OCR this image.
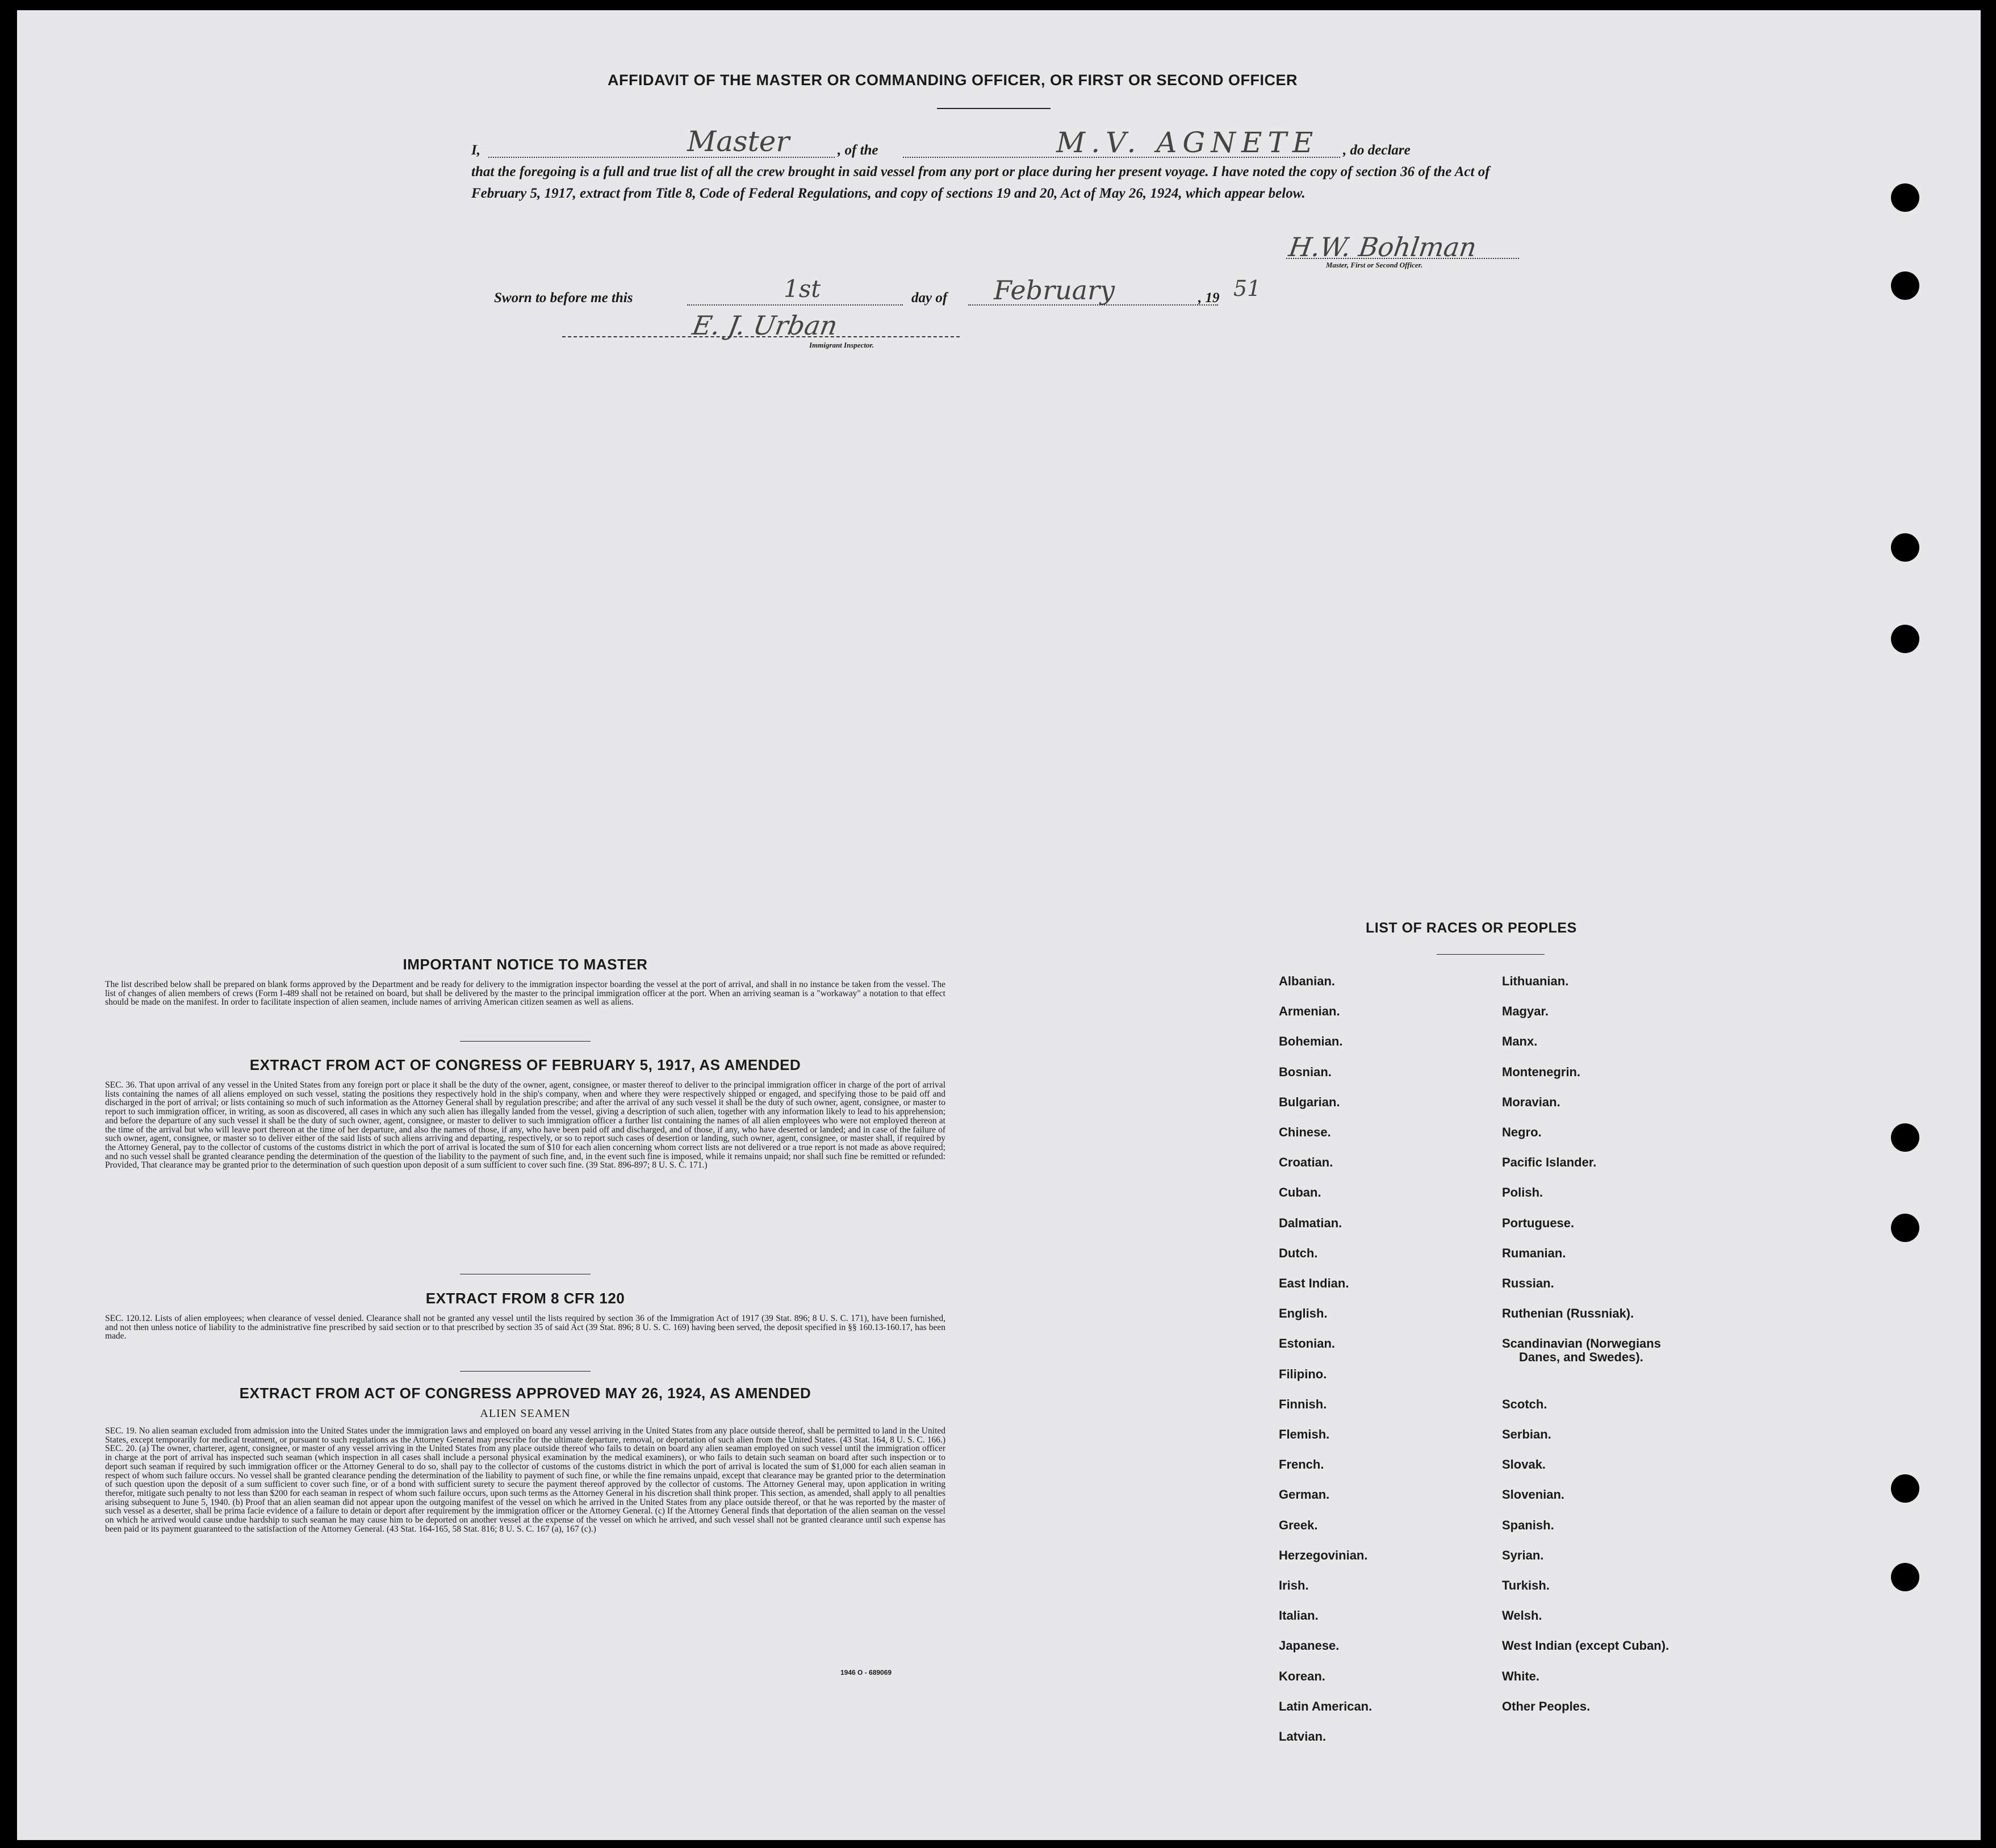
AFFIDAVIT OF THE MASTER OR COMMANDING OFFICER, OR FIRST OR SECOND OFFICER
I,	Master	, of the	M.V. AGNETE , do declare
that the foregoing is a full and true list of all the crew brought in said vessel from any port or place during her present voyage. I have noted the copy of section 36 of the Act of February 5, 1917, extract from Title 8, Code of Federal Regulations, and copy of sections 19 and 20, Act of May 26, 1924, which appear below.
H.W. Bohlman
Master, First or Second Officer.
Sworn to before me this	1st	day of February	, 19 51
E. J. Urban
Immigrant Inspector.
IMPORTANT NOTICE TO MASTER
The list described below shall be prepared on blank forms approved by the Department and be ready for delivery to the immigration inspector boarding the vessel at the port of arrival, and shall in no instance be taken from the vessel. The list of changes of alien members of crews (Form I-489 shall not be retained on board, but shall be delivered by the master to the principal immigration officer at the port. When an arriving seaman is a "workaway" a notation to that effect should be made on the manifest. In order to facilitate inspection of alien seamen, include names of arriving American citizen seamen as well as aliens.
EXTRACT FROM ACT OF CONGRESS OF FEBRUARY 5, 1917, AS AMENDED
SEC. 36. That upon arrival of any vessel in the United States from any foreign port or place it shall be the duty of the owner, agent, consignee, or master thereof to deliver to the principal immigration officer in charge of the port of arrival lists containing the names of all aliens employed on such vessel, stating the positions they respectively hold in the ship's company, when and where they were respectively shipped or engaged, and specifying those to be paid off and discharged in the port of arrival; or lists containing so much of such information as the Attorney General shall by regulation prescribe; and after the arrival of any such vessel it shall be the duty of such owner, agent, consignee, or master to report to such immigration officer, in writing, as soon as discovered, all cases in which any such alien has illegally landed from the vessel, giving a description of such alien, together with any information likely to lead to his apprehension; and before the departure of any such vessel it shall be the duty of such owner, agent, consignee, or master to deliver to such immigration officer a further list containing the names of all alien employees who were not employed thereon at the time of the arrival but who will leave port thereon at the time of her departure, and also the names of those, if any, who have been paid off and discharged, and of those, if any, who have deserted or landed; and in case of the failure of such owner, agent, consignee, or master so to deliver either of the said lists of such aliens arriving and departing, respectively, or so to report such cases of desertion or landing, such owner, agent, consignee, or master shall, if required by the Attorney General, pay to the collector of customs of the customs district in which the port of arrival is located the sum of $10 for each alien concerning whom correct lists are not delivered or a true report is not made as above required; and no such vessel shall be granted clearance pending the determination of the question of the liability to the payment of such fine, and, in the event such fine is imposed, while it remains unpaid; nor shall such fine be remitted or refunded: Provided, That clearance may be granted prior to the determination of such question upon deposit of a sum sufficient to cover such fine. (39 Stat. 896-897; 8 U. S. C. 171.)
EXTRACT FROM 8 CFR 120
SEC. 120.12. Lists of alien employees; when clearance of vessel denied. Clearance shall not be granted any vessel until the lists required by section 36 of the Immigration Act of 1917 (39 Stat. 896; 8 U. S. C. 171), have been furnished, and not then unless notice of liability to the administrative fine prescribed by said section or to that prescribed by section 35 of said Act (39 Stat. 896; 8 U. S. C. 169) having been served, the deposit specified in §§ 160.13-160.17, has been made.
EXTRACT FROM ACT OF CONGRESS APPROVED MAY 26, 1924, AS AMENDED
ALIEN SEAMEN
SEC. 19. No alien seaman excluded from admission into the United States under the immigration laws and employed on board any vessel arriving in the United States from any place outside thereof, shall be permitted to land in the United States, except temporarily for medical treatment, or pursuant to such regulations as the Attorney General may prescribe for the ultimate departure, removal, or deportation of such alien from the United States. (43 Stat. 164, 8 U. S. C. 166.) SEC. 20. (a) The owner, charterer, agent, consignee, or master of any vessel arriving in the United States from any place outside thereof who fails to detain on board any alien seaman employed on such vessel until the immigration officer in charge at the port of arrival has inspected such seaman (which inspection in all cases shall include a personal physical examination by the medical examiners), or who fails to detain such seaman on board after such inspection or to deport such seaman if required by such immigration officer or the Attorney General to do so, shall pay to the collector of customs of the customs district in which the port of arrival is located the sum of $1,000 for each alien seaman in respect of whom such failure occurs. No vessel shall be granted clearance pending the determination of the liability to payment of such fine, or while the fine remains unpaid, except that clearance may be granted prior to the determination of such question upon the deposit of a sum sufficient to cover such fine, or of a bond with sufficient surety to secure the payment thereof approved by the collector of customs. The Attorney General may, upon application in writing therefor, mitigate such penalty to not less than $200 for each seaman in respect of whom such failure occurs, upon such terms as the Attorney General in his discretion shall think proper. This section, as amended, shall apply to all penalties arising subsequent to June 5, 1940. (b) Proof that an alien seaman did not appear upon the outgoing manifest of the vessel on which he arrived in the United States from any place outside thereof, or that he was reported by the master of such vessel as a deserter, shall be prima facie evidence of a failure to detain or deport after requirement by the immigration officer or the Attorney General. (c) If the Attorney General finds that deportation of the alien seaman on the vessel on which he arrived would cause undue hardship to such seaman he may cause him to be deported on another vessel at the expense of the vessel on which he arrived, and such vessel shall not be granted clearance until such expense has been paid or its payment guaranteed to the satisfaction of the Attorney General. (43 Stat. 164-165, 58 Stat. 816; 8 U. S. C. 167 (a), 167 (c).)
1946 O - 689069
LIST OF RACES OR PEOPLES
Albanian.
Armenian.
Bohemian.
Bosnian.
Bulgarian.
Chinese.
Croatian.
Cuban.
Dalmatian.
Dutch.
East Indian.
English.
Estonian.
Filipino.
Finnish.
Flemish.
French.
German.
Greek.
Herzegovinian.
Irish.
Italian.
Japanese.
Korean.
Latin American.
Latvian.
Lithuanian.
Magyar.
Manx.
Montenegrin.
Moravian.
Negro.
Pacific Islander.
Polish.
Portuguese.
Rumanian.
Russian.
Ruthenian (Russniak).
Scandinavian (Norwegians
Danes, and Swedes).
Scotch.
Serbian.
Slovak.
Slovenian.
Spanish.
Syrian.
Turkish.
Welsh.
West Indian (except Cuban).
White.
Other Peoples.
